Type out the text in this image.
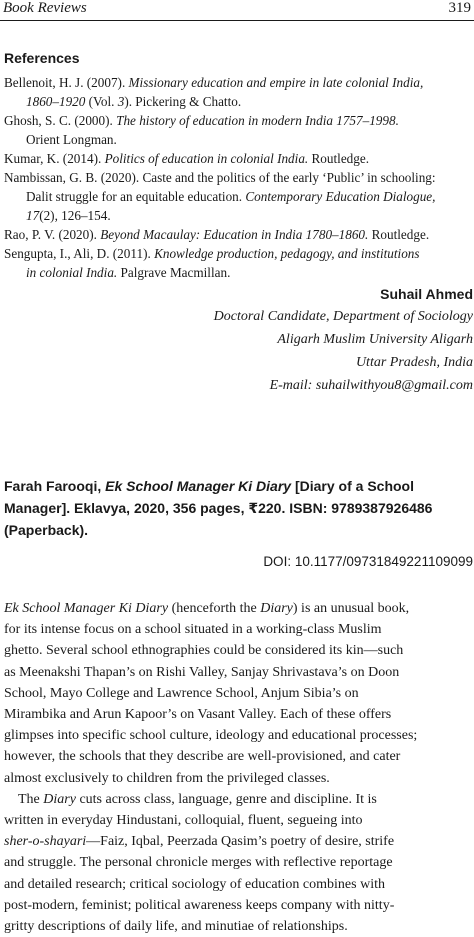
Book Reviews	319
References
Bellenoit, H. J. (2007). Missionary education and empire in late colonial India,
1860–1920 (Vol. 3). Pickering & Chatto.
Ghosh, S. C. (2000). The history of education in modern India 1757–1998.
Orient Longman.
Kumar, K. (2014). Politics of education in colonial India. Routledge.
Nambissan, G. B. (2020). Caste and the politics of the early ‘Public’ in schooling:
Dalit struggle for an equitable education. Contemporary Education Dialogue,
17(2), 126–154.
Rao, P. V. (2020). Beyond Macaulay: Education in India 1780–1860. Routledge.
Sengupta, I., Ali, D. (2011). Knowledge production, pedagogy, and institutions
in colonial India. Palgrave Macmillan.
Suhail Ahmed
Doctoral Candidate, Department of Sociology
Aligarh Muslim University Aligarh
Uttar Pradesh, India
E-mail: suhailwithyou8@gmail.com
Farah Farooqi, Ek School Manager Ki Diary [Diary of a School
Manager]. Eklavya, 2020, 356 pages, ₹220. ISBN: 9789387926486
(Paperback).
DOI: 10.1177/09731849221109099
Ek School Manager Ki Diary (henceforth the Diary) is an unusual book,
for its intense focus on a school situated in a working-class Muslim
ghetto. Several school ethnographies could be considered its kin—such
as Meenakshi Thapan’s on Rishi Valley, Sanjay Shrivastava’s on Doon
School, Mayo College and Lawrence School, Anjum Sibia’s on
Mirambika and Arun Kapoor’s on Vasant Valley. Each of these offers
glimpses into specific school culture, ideology and educational processes;
however, the schools that they describe are well-provisioned, and cater
almost exclusively to children from the privileged classes.
The Diary cuts across class, language, genre and discipline. It is
written in everyday Hindustani, colloquial, fluent, segueing into
sher-o-shayari—Faiz, Iqbal, Peerzada Qasim’s poetry of desire, strife
and struggle. The personal chronicle merges with reflective reportage
and detailed research; critical sociology of education combines with
post-modern, feminist; political awareness keeps company with nitty-
gritty descriptions of daily life, and minutiae of relationships.
